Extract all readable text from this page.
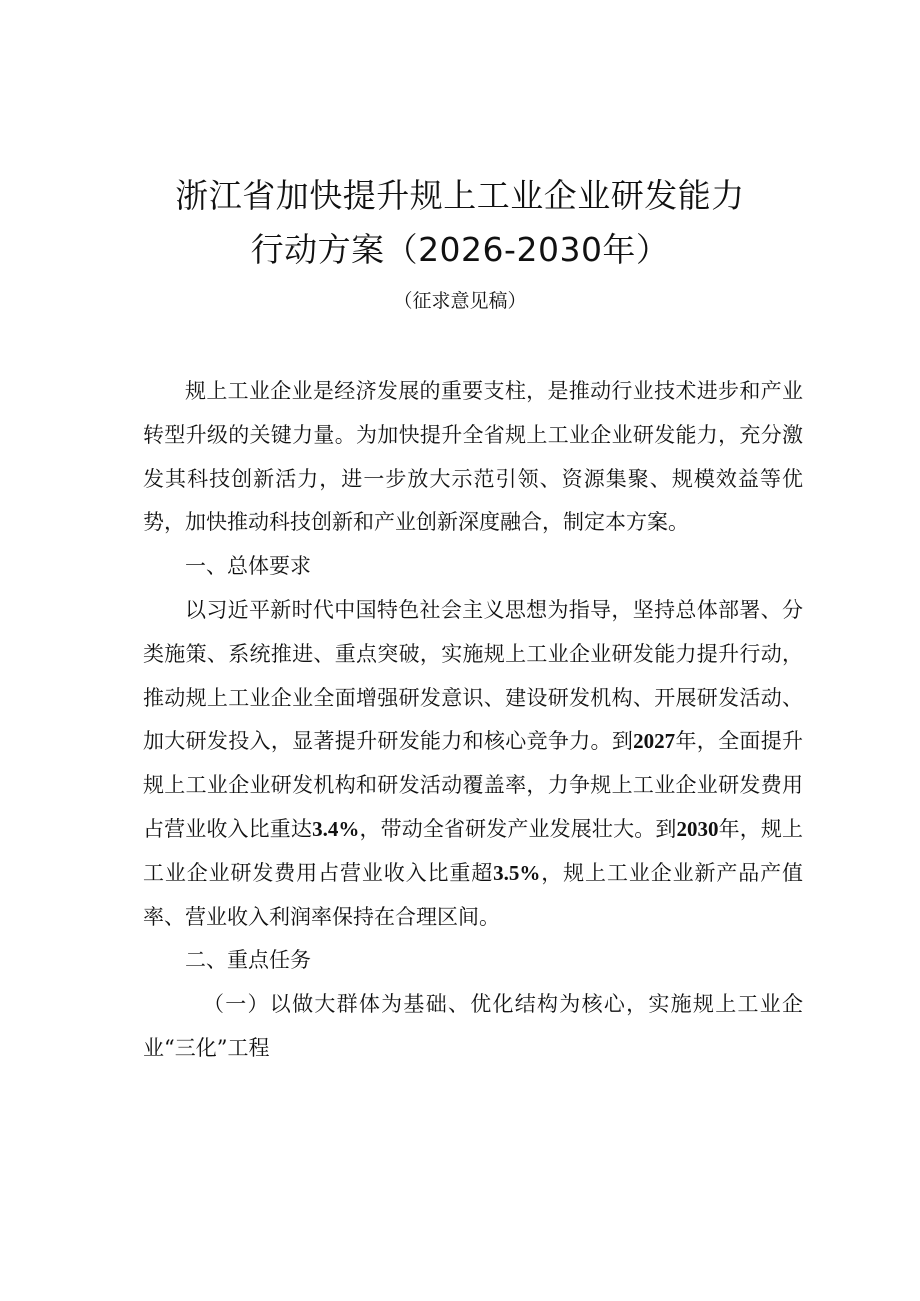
浙江省加快提升规上工业企业研发能力
行动方案（2026-2030年）
（征求意见稿）

规上工业企业是经济发展的重要支柱，是推动行业技术进步和产业转型升级的关键力量。为加快提升全省规上工业企业研发能力，充分激发其科技创新活力，进一步放大示范引领、资源集聚、规模效益等优势，加快推动科技创新和产业创新深度融合，制定本方案。

一、总体要求

以习近平新时代中国特色社会主义思想为指导，坚持总体部署、分类施策、系统推进、重点突破，实施规上工业企业研发能力提升行动，推动规上工业企业全面增强研发意识、建设研发机构、开展研发活动、加大研发投入，显著提升研发能力和核心竞争力。到2027年，全面提升规上工业企业研发机构和研发活动覆盖率，力争规上工业企业研发费用占营业收入比重达3.4%，带动全省研发产业发展壮大。到2030年，规上工业企业研发费用占营业收入比重超3.5%，规上工业企业新产品产值率、营业收入利润率保持在合理区间。

二、重点任务

（一）以做大群体为基础、优化结构为核心，实施规上工业企业“三化”工程
